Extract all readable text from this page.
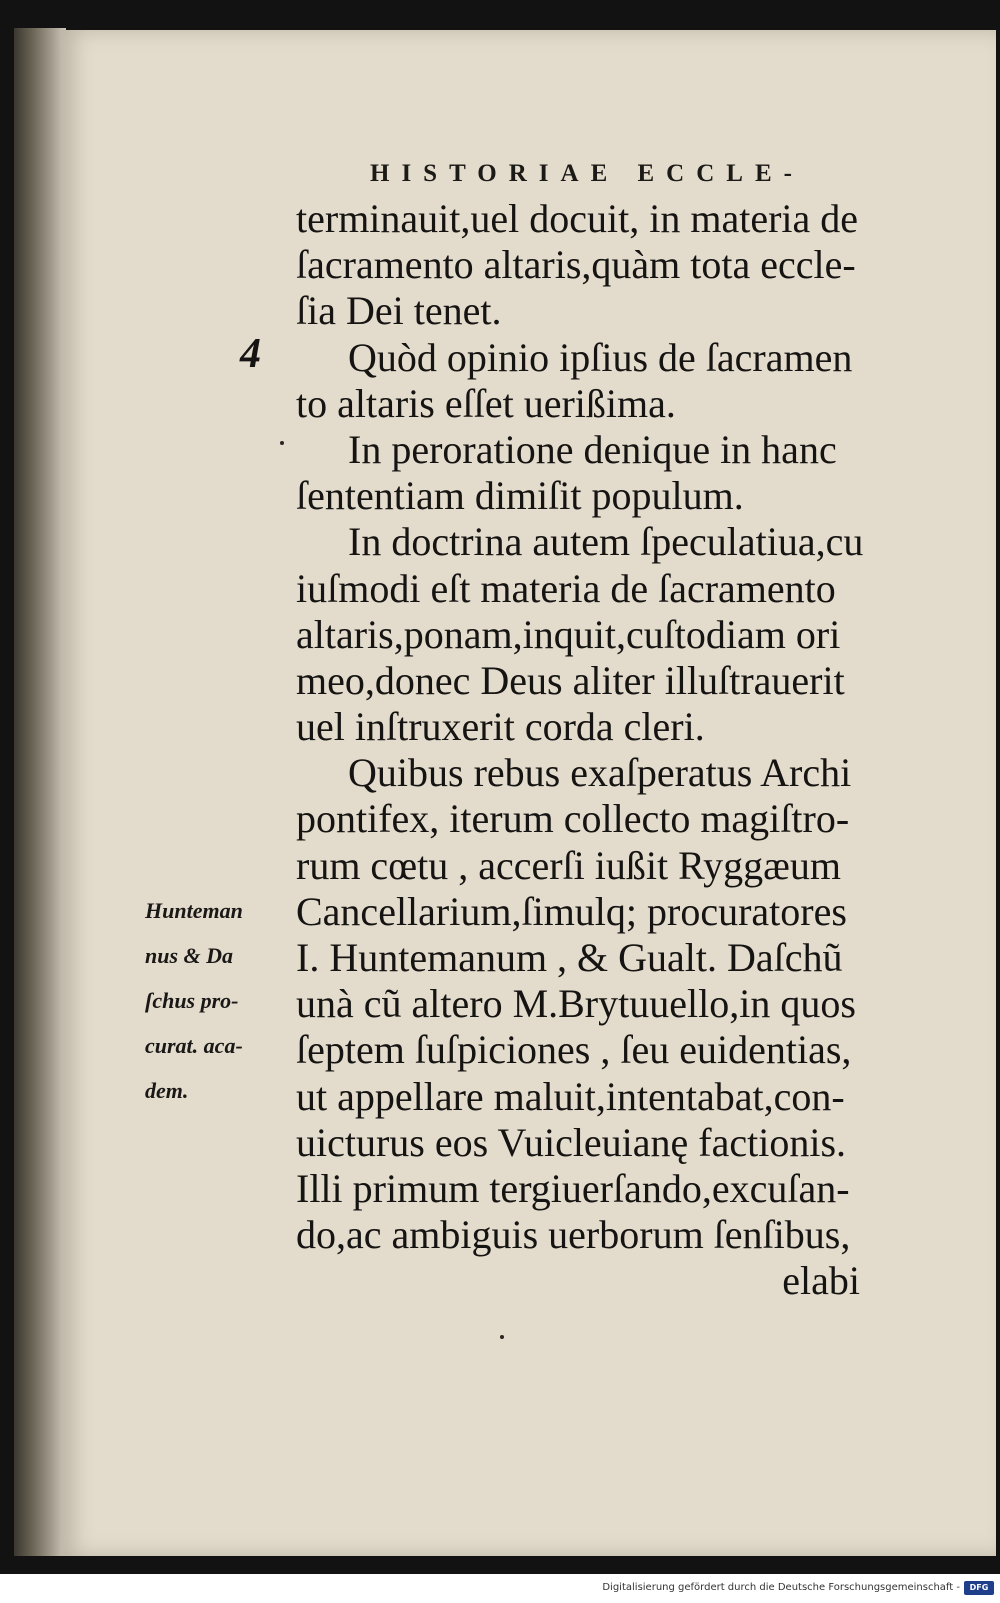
HISTORIAE ECCLE-
4
terminauit,uel docuit, in materia de
ſacramento altaris,quàm tota eccle-
ſia Dei tenet.
Quòd opinio ipſius de ſacramen
to altaris eſſet uerißima.
In peroratione denique in hanc
ſententiam dimiſit populum.
In doctrina autem ſpeculatiua,cu
iuſmodi eſt materia de ſacramento
altaris,ponam,inquit,cuſtodiam ori
meo,donec Deus aliter illuſtrauerit
uel inſtruxerit corda cleri.
Quibus rebus exaſperatus Archi
pontifex, iterum collecto magiſtro-
rum cœtu , accerſi iußit Ryggæum
Cancellarium,ſimulq; procuratores
I. Huntemanum , & Gualt. Daſchũ
unà cũ altero M.Brytuuello,in quos
ſeptem ſuſpiciones , ſeu euidentias,
ut appellare maluit,intentabat,con-
uicturus eos Vuicleuianę factionis.
Illi primum tergiuerſando,excuſan-
do,ac ambiguis uerborum ſenſibus,
elabi
Hunteman
nus & Da
ſchus pro-
curat. aca-
dem.
Digitalisierung gefördert durch die Deutsche Forschungsgemeinschaft -	DFG
